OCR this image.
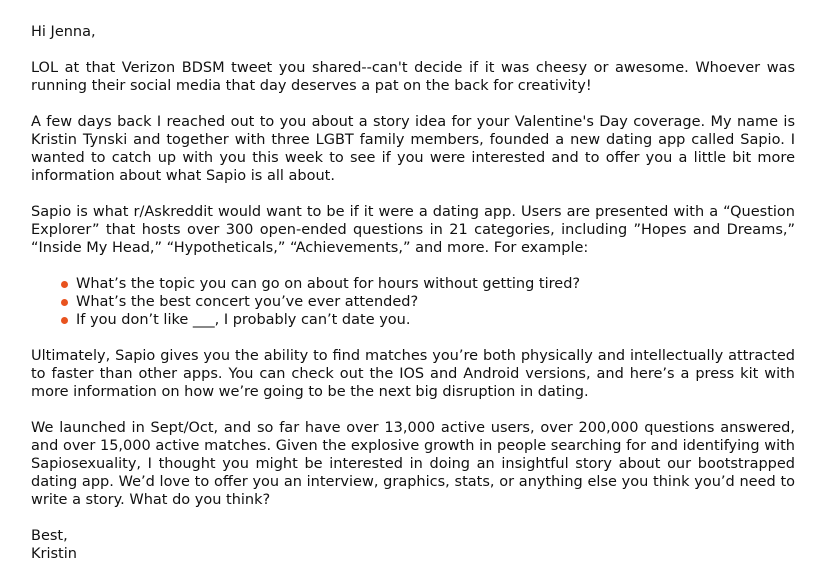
Hi Jenna,

LOL at that Verizon BDSM tweet you shared--can't decide if it was cheesy or awesome. Whoever was running their social media that day deserves a pat on the back for creativity!

A few days back I reached out to you about a story idea for your Valentine's Day coverage. My name is Kristin Tynski and together with three LGBT family members, founded a new dating app called Sapio. I wanted to catch up with you this week to see if you were interested and to offer you a little bit more information about what Sapio is all about.

Sapio is what r/Askreddit would want to be if it were a dating app. Users are presented with a “Question Explorer” that hosts over 300 open-ended questions in 21 categories, including ”Hopes and Dreams,” “Inside My Head,” “Hypotheticals,” “Achievements,” and more. For example:

What’s the topic you can go on about for hours without getting tired?
What’s the best concert you’ve ever attended?
If you don’t like ___, I probably can’t date you.

Ultimately, Sapio gives you the ability to find matches you’re both physically and intellectually attracted to faster than other apps. You can check out the IOS and Android versions, and here’s a press kit with more information on how we’re going to be the next big disruption in dating.

We launched in Sept/Oct, and so far have over 13,000 active users, over 200,000 questions answered, and over 15,000 active matches. Given the explosive growth in people searching for and identifying with Sapiosexuality, I thought you might be interested in doing an insightful story about our bootstrapped dating app. We’d love to offer you an interview, graphics, stats, or anything else you think you’d need to write a story. What do you think?

Best,
Kristin
